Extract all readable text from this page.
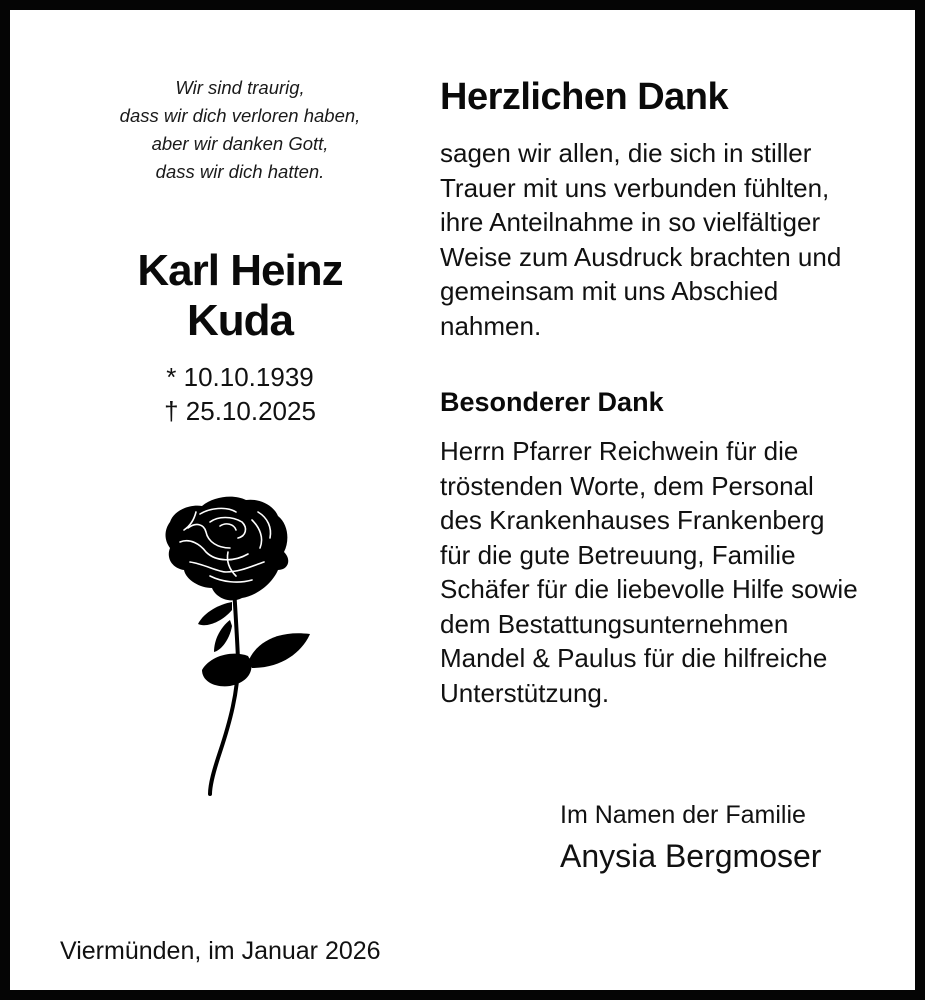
Wir sind traurig,
dass wir dich verloren haben,
aber wir danken Gott,
dass wir dich hatten.
Karl Heinz
Kuda
* 10.10.1939
† 25.10.2025
Herzlichen Dank
sagen wir allen, die sich in stiller
Trauer mit uns verbunden fühlten,
ihre Anteilnahme in so vielfältiger
Weise zum Ausdruck brachten und
gemeinsam mit uns Abschied
nahmen.
Besonderer Dank
Herrn Pfarrer Reichwein für die
tröstenden Worte, dem Personal
des Krankenhauses Frankenberg
für die gute Betreuung, Familie
Schäfer für die liebevolle Hilfe sowie
dem Bestattungsunternehmen
Mandel & Paulus für die hilfreiche
Unterstützung.
Im Namen der Familie
Anysia Bergmoser
Viermünden, im Januar 2026
